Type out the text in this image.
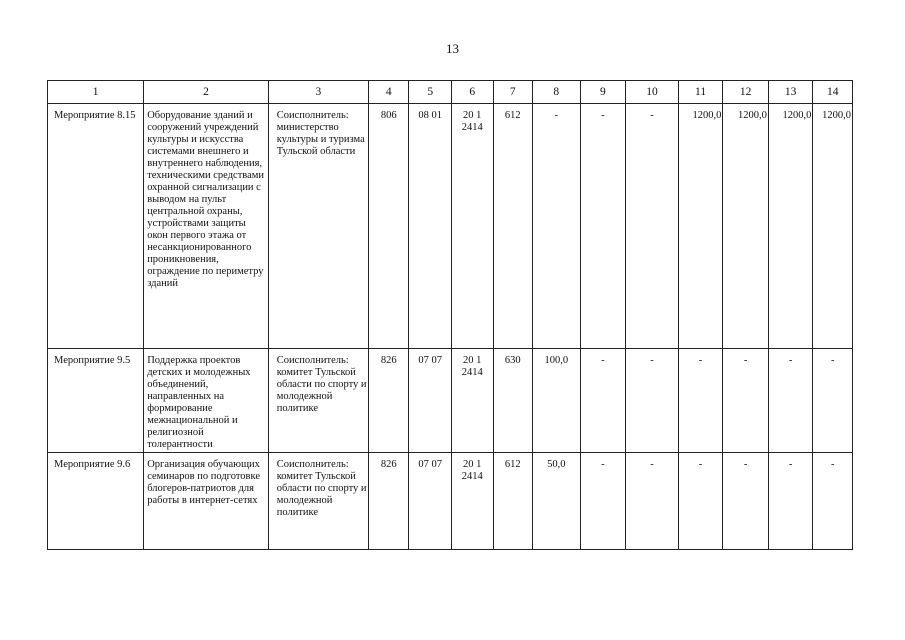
13
1	2	3	4	5	6	7	8	9	10	11	12	13	14
Мероприятие 8.15	Оборудование зданий и сооружений учреждений культуры и искусства системами внешнего и внутреннего наблюдения, техническими средствами охранной сигнализации с выводом на пульт центральной охраны, устройствами защиты окон первого этажа от несанкционированного проникновения, ограждение по периметру зданий	Соисполнитель: министерство культуры и туризма Тульской области	806	08 01	20 1 2414	612	-	-	-	1200,0	1200,0	1200,0	1200,0
Мероприятие 9.5	Поддержка проектов детских и молодежных объединений, направленных на формирование межнациональной и религиозной толерантности	Соисполнитель: комитет Тульской области по спорту и молодежной политике	826	07 07	20 1 2414	630	100,0	-	-	-	-	-	-
Мероприятие 9.6	Организация обучающих семинаров по подготовке блогеров-патриотов для работы в интернет-сетях	Соисполнитель: комитет Тульской области по спорту и молодежной политике	826	07 07	20 1 2414	612	50,0	-	-	-	-	-	-
